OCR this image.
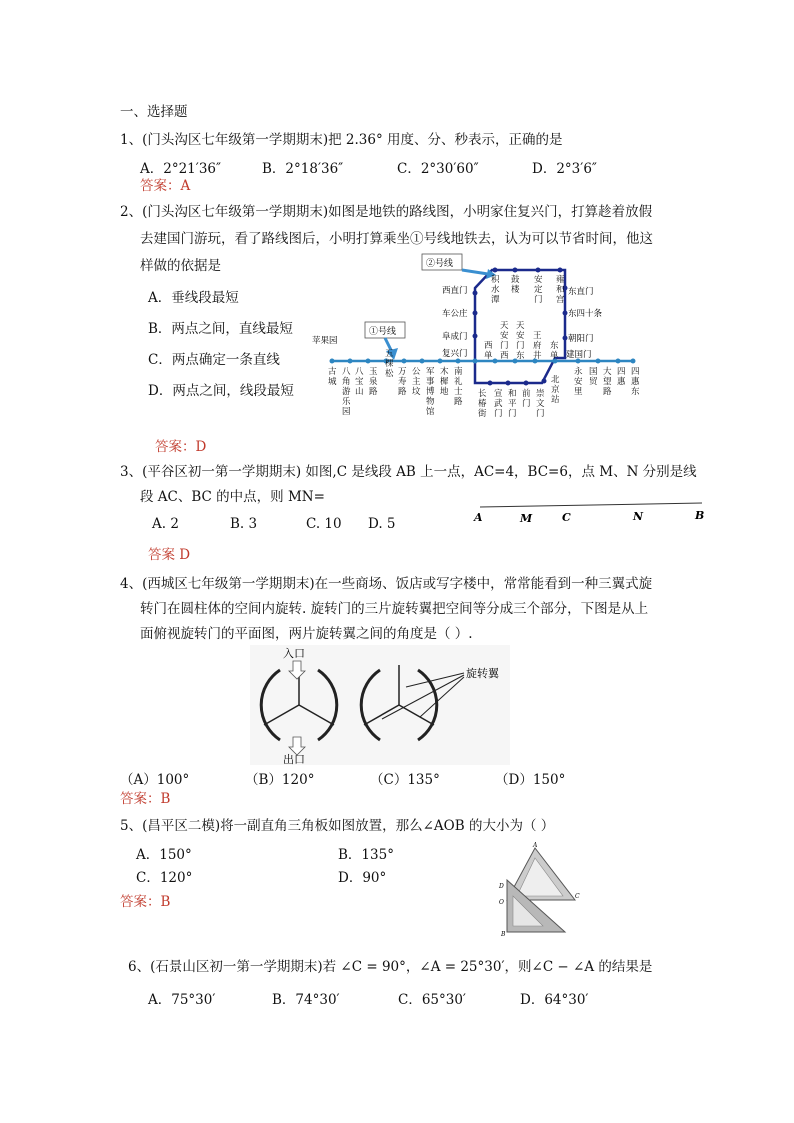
一、选择题
1、(门头沟区七年级第一学期期末)把 2.36° 用度、分、秒表示，正确的是
A．2°21′36″	B．2°18′36″	C．2°30′60″	D．2°3′6″
答案：A
2、(门头沟区七年级第一学期期末)如图是地铁的路线图，小明家住复兴门，打算趁着放假
去建国门游玩，看了路线图后，小明打算乘坐①号线地铁去，认为可以节省时间，他这
样做的依据是
A．垂线段最短
B．两点之间，直线最短
C．两点确定一条直线
D．两点之间，线段最短
答案：D
②号线
①号线
苹果园
西直门
车公庄
阜成门
复兴门
东直门
东四十条
朝阳门
建国门
积
水
潭
鼓
楼
安
定
门
雍
和
宫
西
单
天
安
门
西
天
安
门
东
王
府
井
东
单
古
城
八
角
游
乐
园
八
宝
山
玉
泉
路
五
棵
松 万
寿
路
公
主
坟
军
事
博
物
馆
木
樨
地
南
礼
士
路
长
椿
街
宣
武
门
和
平
门
前
门
崇
文
门
北
京
站
永
安
里
国
贸
大
望
路
四
惠
四
惠
东
3、(平谷区初一第一学期期末) 如图,C 是线段 AB 上一点，AC=4，BC=6，点 M、N 分别是线
段 AC、BC 的中点，则 MN=
A. 2	B. 3	C. 10 D. 5
答案 D
A	M	C	N	B
4、(西城区七年级第一学期期末)在一些商场、饭店或写字楼中，常常能看到一种三翼式旋
转门在圆柱体的空间内旋转. 旋转门的三片旋转翼把空间等分成三个部分，下图是从上
面俯视旋转门的平面图，两片旋转翼之间的角度是（ ）.
入口
出口
旋转翼
（A）100°	（B）120°	（C）135°	（D）150°
答案：B
5、(昌平区二模)将一副直角三角板如图放置，那么∠AOB 的大小为（ ）
A．150°	B．135°
C．120°	D．90°
答案：B
A
C
D
O
B
6、(石景山区初一第一学期期末)若 ∠C = 90°，∠A = 25°30′，则∠C − ∠A 的结果是
A．75°30′	B．74°30′	C．65°30′	D．64°30′
